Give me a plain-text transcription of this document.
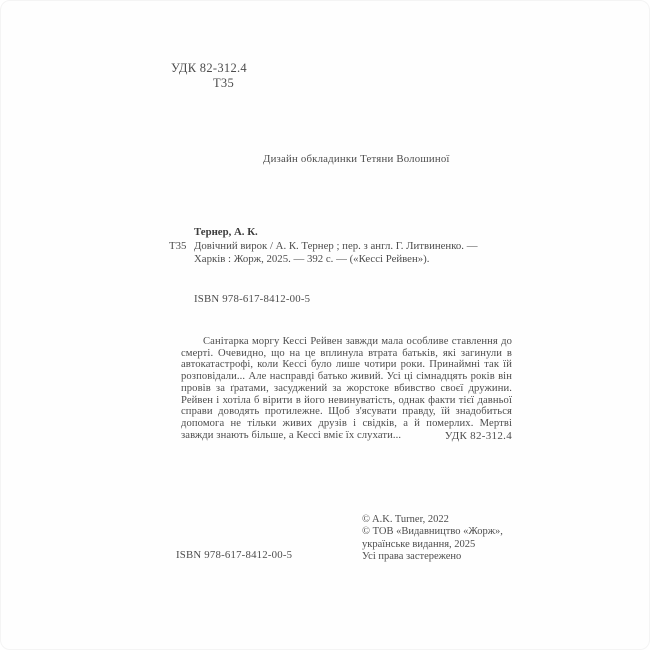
УДК 82-312.4
Т35
Дизайн обкладинки Тетяни Волошиної
Тернер, А. К.
Т35 Довічний вирок / А. К. Тернер ; пер. з англ. Г. Литвиненко. — Харків : Жорж, 2025. — 392 с. — («Кессі Рейвен»).
ISBN 978-617-8412-00-5
Санітарка моргу Кессі Рейвен завжди мала особливе ставлення до смерті. Очевидно, що на це вплинула втрата батьків, які загинули в автокатастрофі, коли Кессі було лише чотири роки. Принаймні так їй розповідали... Але насправді батько живий. Усі ці сімнадцять років він провів за ґратами, засуджений за жорстоке вбивство своєї дружини. Рейвен і хотіла б вірити в його невинуватість, однак факти тієї давньої справи доводять протилежне. Щоб з'ясувати правду, їй знадобиться допомога не тільки живих друзів і свідків, а й померлих. Мертві завжди знають більше, а Кессі вміє їх слухати...	УДК 82-312.4
© A.K. Turner, 2022
© ТОВ «Видавництво «Жорж»,
українське видання, 2025
Усі права застережено
ISBN 978-617-8412-00-5
